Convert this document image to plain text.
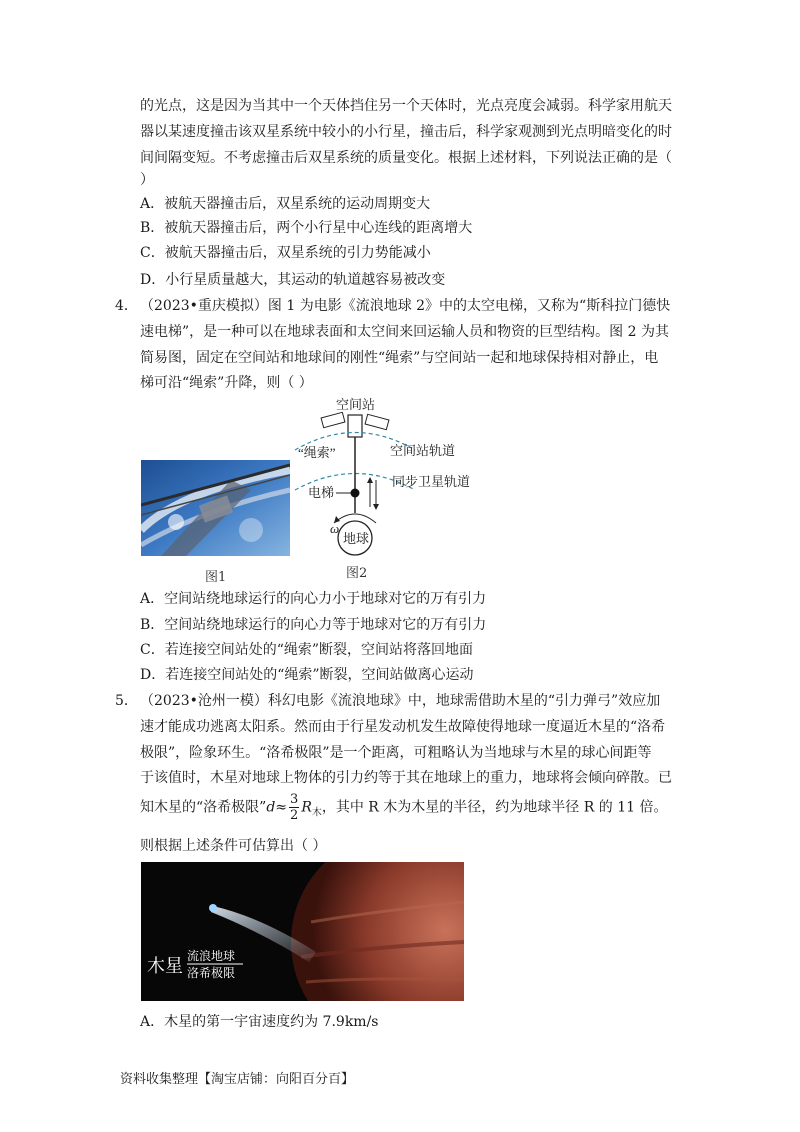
的光点，这是因为当其中一个天体挡住另一个天体时，光点亮度会减弱。科学家用航天
器以某速度撞击该双星系统中较小的小行星，撞击后，科学家观测到光点明暗变化的时
间间隔变短。不考虑撞击后双星系统的质量变化。根据上述材料，下列说法正确的是（
）
A．被航天器撞击后，双星系统的运动周期变大
B．被航天器撞击后，两个小行星中心连线的距离增大
C．被航天器撞击后，双星系统的引力势能减小
D．小行星质量越大，其运动的轨道越容易被改变
4． （2023•重庆模拟）图 1 为电影《流浪地球 2》中的太空电梯，又称为“斯科拉门德快
速电梯”，是一种可以在地球表面和太空间来回运输人员和物资的巨型结构。图 2 为其
简易图，固定在空间站和地球间的刚性“绳索”与空间站一起和地球保持相对静止，电
梯可沿“绳索”升降，则（ ）
图1
空间站
“绳索”	空间站轨道
电梯
同步卫星轨道
ω
地球
图2
A．空间站绕地球运行的向心力小于地球对它的万有引力
B．空间站绕地球运行的向心力等于地球对它的万有引力
C．若连接空间站处的“绳索”断裂，空间站将落回地面
D．若连接空间站处的“绳索”断裂，空间站做离心运动
5． （2023•沧州一模）科幻电影《流浪地球》中，地球需借助木星的“引力弹弓”效应加
速才能成功逃离太阳系。然而由于行星发动机发生故障使得地球一度逼近木星的“洛希
极限”，险象环生。“洛希极限”是一个距离，可粗略认为当地球与木星的球心间距等
于该值时，木星对地球上物体的引力约等于其在地球上的重力，地球将会倾向碎散。已
知木星的“洛希极限”d≈ $\frac{3}{2} R_木$，其中 R 木为木星的半径，约为地球半径 R 的 11 倍。
则根据上述条件可估算出（ ）
木星 流浪地球
洛希极限
A．木星的第一宇宙速度约为 7.9km/s
资料收集整理【淘宝店铺：向阳百分百】
